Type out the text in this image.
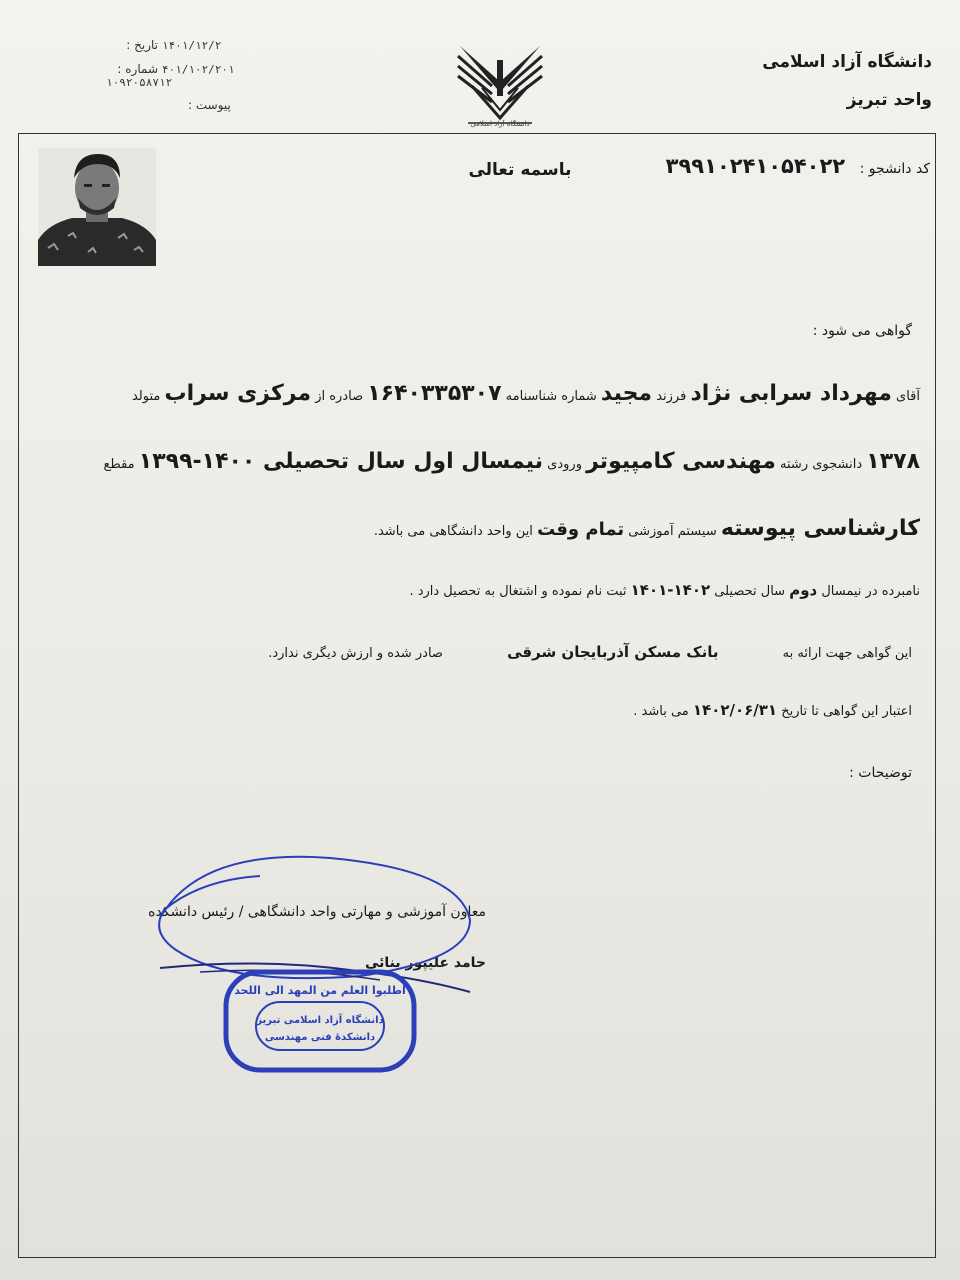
دانشگاه آزاد اسلامی
واحد تبریز
دانشگاه آزاد اسلامی
تاریخ : ۱۴۰۱/۱۲/۲
شماره : ۴۰۱/۱۰۲/۲۰۱
۱۰۹۲۰۵۸۷۱۲
پیوست :
کد دانشجو : ۳۹۹۱۰۲۴۱۰۵۴۰۲۲
باسمه تعالی
گواهی می شود :
آقای مهرداد سرابی نژاد فرزند مجید شماره شناسنامه ۱۶۴۰۳۳۵۳۰۷ صادره از مرکزی سراب متولد
۱۳۷۸ دانشجوی رشته مهندسی کامپیوتر ورودی نیمسال اول سال تحصیلی ۱۴۰۰-۱۳۹۹ مقطع
کارشناسی پیوسته سیستم آموزشی تمام وقت این واحد دانشگاهی می باشد.
نامبرده در نیمسال دوم سال تحصیلی ۱۴۰۲-۱۴۰۱ ثبت نام نموده و اشتغال به تحصیل دارد .
این گواهی جهت ارائه به بانک مسکن آذربایجان شرقی صادر شده و ارزش دیگری ندارد.
اعتبار این گواهی تا تاریخ ۱۴۰۲/۰۶/۳۱ می باشد .
توضیحات :
معاون آموزشی و مهارتی واحد دانشگاهی / رئیس دانشکده
حامد علیپور بنائی
اطلبوا العلم من المهد الی اللحد
دانشگاه آزاد اسلامی تبریز
دانشکدهٔ فنی مهندسی
